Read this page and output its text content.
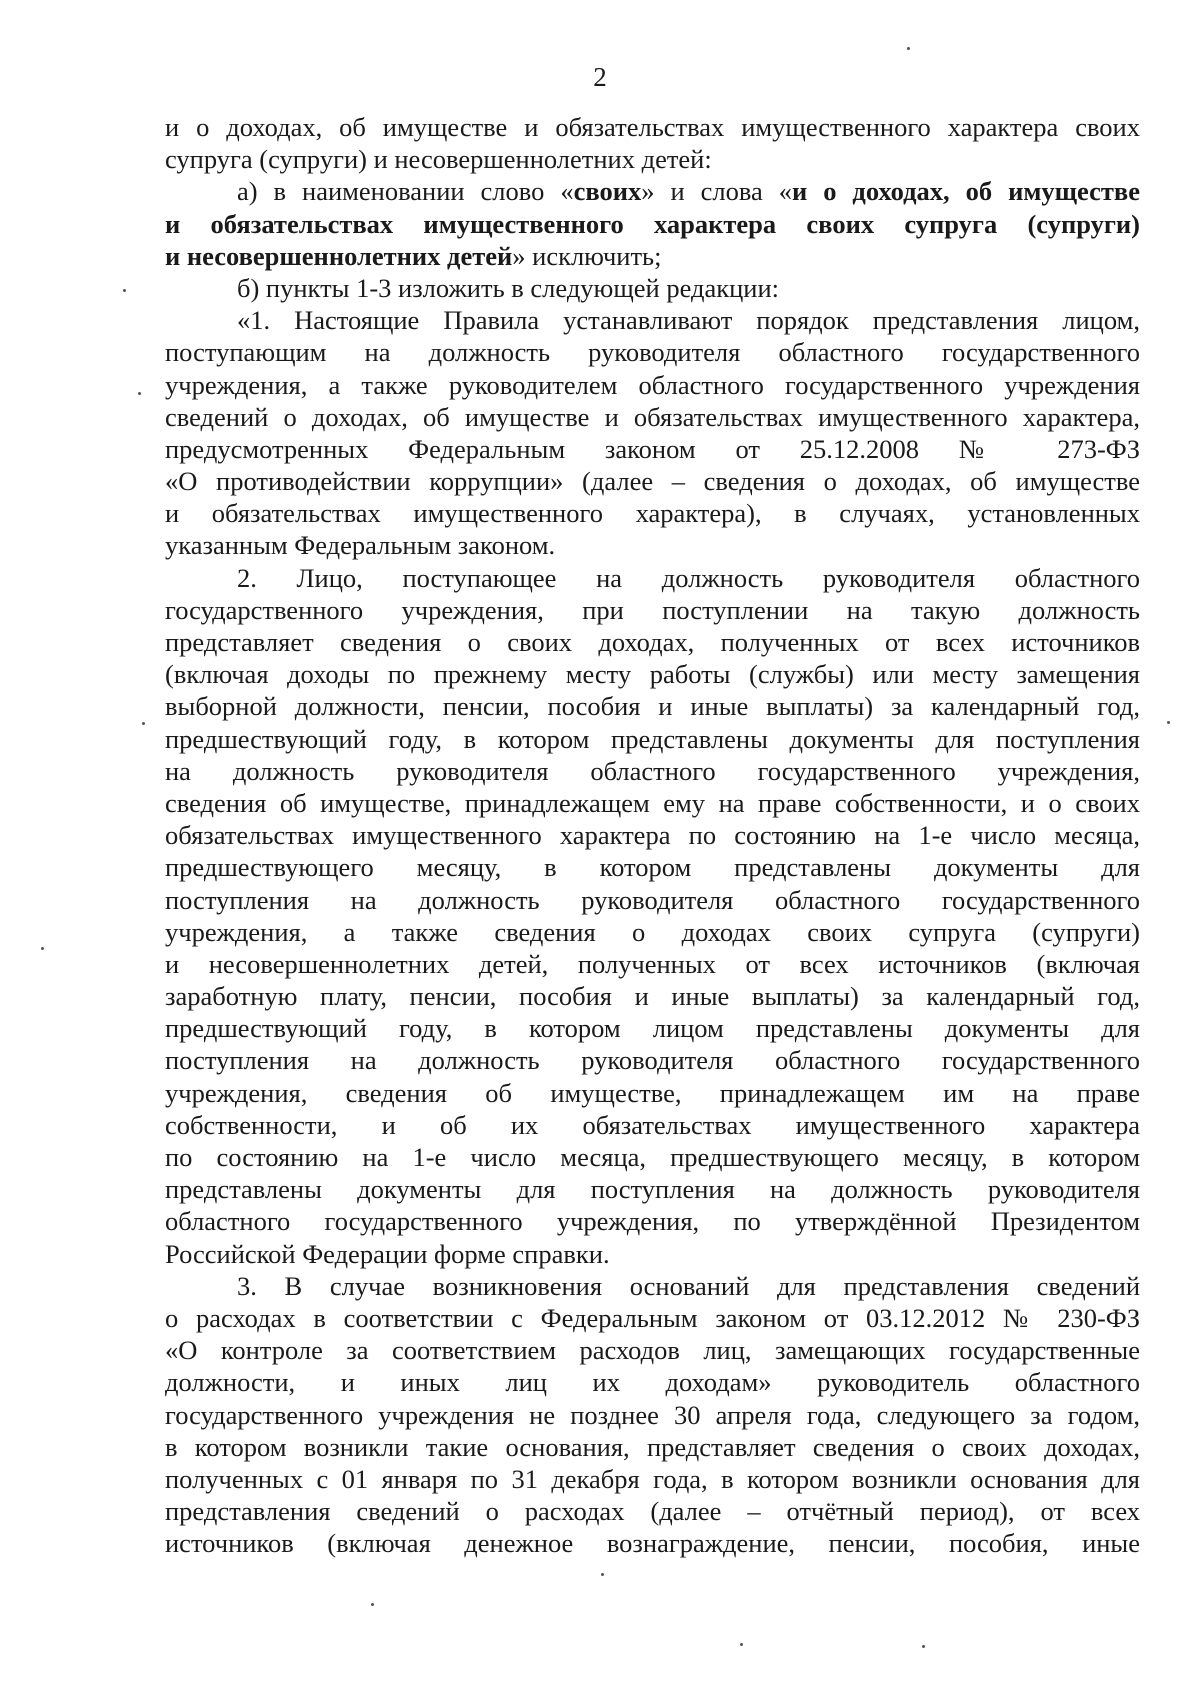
2
и о доходах, об имуществе и обязательствах имущественного характера своих
супруга (супруги) и несовершеннолетних детей:
а) в наименовании слово «своих» и слова «и о доходах, об имуществе
и обязательствах имущественного характера своих супруга (супруги)
и несовершеннолетних детей» исключить;
б) пункты 1-3 изложить в следующей редакции:
«1. Настоящие Правила устанавливают порядок представления лицом,
поступающим на должность руководителя областного государственного
учреждения, а также руководителем областного государственного учреждения
сведений о доходах, об имуществе и обязательствах имущественного характера,
предусмотренных Федеральным законом от 25.12.2008 № 273-ФЗ
«О противодействии коррупции» (далее – сведения о доходах, об имуществе
и обязательствах имущественного характера), в случаях, установленных
указанным Федеральным законом.
2. Лицо, поступающее на должность руководителя областного
государственного учреждения, при поступлении на такую должность
представляет сведения о своих доходах, полученных от всех источников
(включая доходы по прежнему месту работы (службы) или месту замещения
выборной должности, пенсии, пособия и иные выплаты) за календарный год,
предшествующий году, в котором представлены документы для поступления
на должность руководителя областного государственного учреждения,
сведения об имуществе, принадлежащем ему на праве собственности, и о своих
обязательствах имущественного характера по состоянию на 1-е число месяца,
предшествующего месяцу, в котором представлены документы для
поступления на должность руководителя областного государственного
учреждения, а также сведения о доходах своих супруга (супруги)
и несовершеннолетних детей, полученных от всех источников (включая
заработную плату, пенсии, пособия и иные выплаты) за календарный год,
предшествующий году, в котором лицом представлены документы для
поступления на должность руководителя областного государственного
учреждения, сведения об имуществе, принадлежащем им на праве
собственности, и об их обязательствах имущественного характера
по состоянию на 1-е число месяца, предшествующего месяцу, в котором
представлены документы для поступления на должность руководителя
областного государственного учреждения, по утверждённой Президентом
Российской Федерации форме справки.
3. В случае возникновения оснований для представления сведений
о расходах в соответствии с Федеральным законом от 03.12.2012 № 230-ФЗ
«О контроле за соответствием расходов лиц, замещающих государственные
должности, и иных лиц их доходам» руководитель областного
государственного учреждения не позднее 30 апреля года, следующего за годом,
в котором возникли такие основания, представляет сведения о своих доходах,
полученных с 01 января по 31 декабря года, в котором возникли основания для
представления сведений о расходах (далее – отчётный период), от всех
источников (включая денежное вознаграждение, пенсии, пособия, иные
